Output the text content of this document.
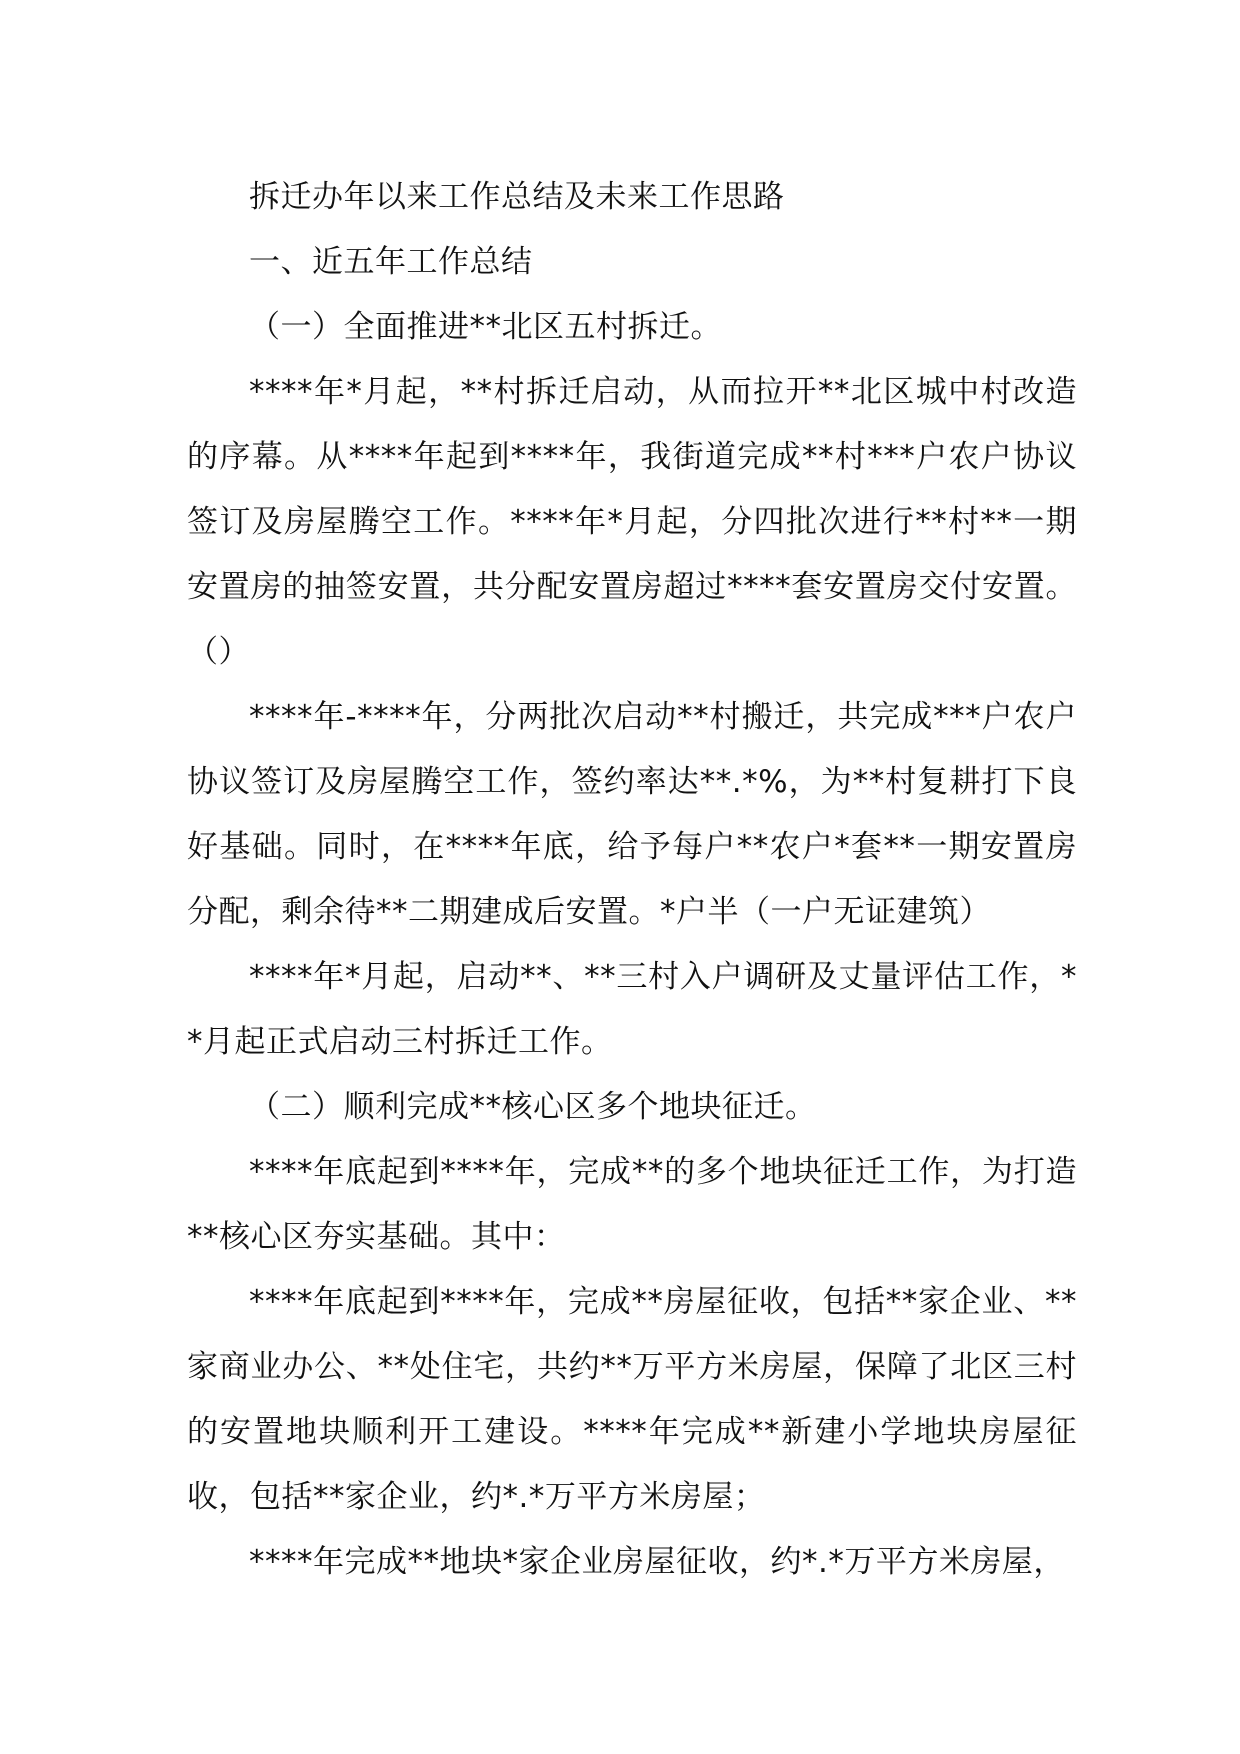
拆迁办年以来工作总结及未来工作思路

一、近五年工作总结

（一）全面推进**北区五村拆迁。

****年*月起，**村拆迁启动，从而拉开**北区城中村改造的序幕。从****年起到****年，我街道完成**村***户农户协议签订及房屋腾空工作。****年*月起，分四批次进行**村**一期安置房的抽签安置，共分配安置房超过****套安置房交付安置。（）

****年-****年，分两批次启动**村搬迁，共完成***户农户协议签订及房屋腾空工作，签约率达**.*%，为**村复耕打下良好基础。同时，在****年底，给予每户**农户*套**一期安置房分配，剩余待**二期建成后安置。*户半（一户无证建筑）

****年*月起，启动**、**三村入户调研及丈量评估工作，**月起正式启动三村拆迁工作。

（二）顺利完成**核心区多个地块征迁。

****年底起到****年，完成**的多个地块征迁工作，为打造**核心区夯实基础。其中：

****年底起到****年，完成**房屋征收，包括**家企业、**家商业办公、**处住宅，共约**万平方米房屋，保障了北区三村的安置地块顺利开工建设。****年完成**新建小学地块房屋征收，包括**家企业，约*.*万平方米房屋；

****年完成**地块*家企业房屋征收，约*.*万平方米房屋，
